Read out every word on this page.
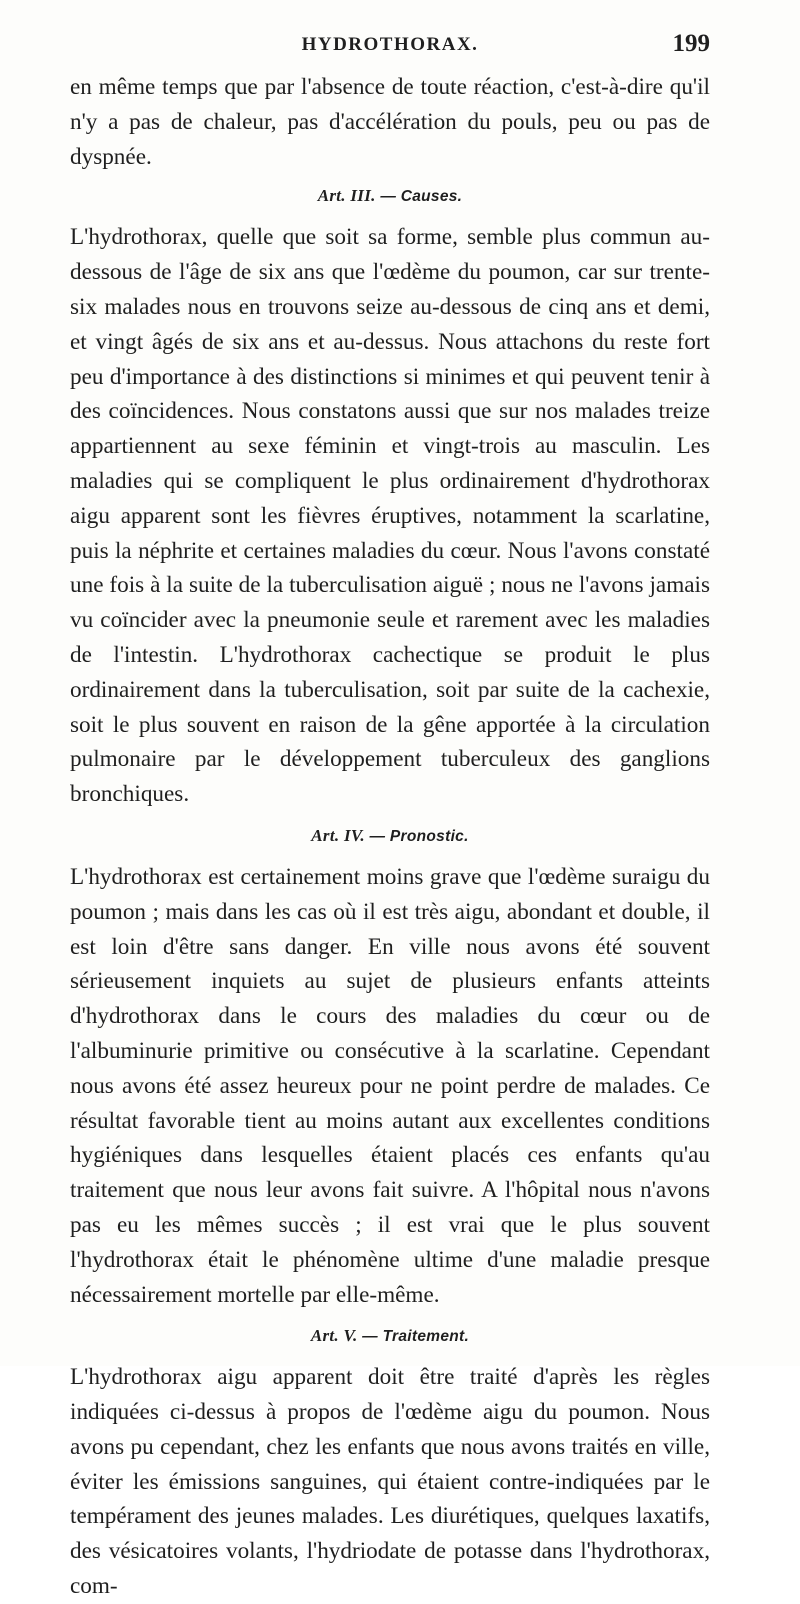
HYDROTHORAX.	199

en même temps que par l'absence de toute réaction, c'est-à-dire qu'il n'y a pas de chaleur, pas d'accélération du pouls, peu ou pas de dyspnée.

Art. III. — Causes.

L'hydrothorax, quelle que soit sa forme, semble plus commun au-dessous de l'âge de six ans que l'œdème du poumon, car sur trente-six malades nous en trouvons seize au-dessous de cinq ans et demi, et vingt âgés de six ans et au-dessus. Nous attachons du reste fort peu d'importance à des distinctions si minimes et qui peuvent tenir à des coïncidences. Nous constatons aussi que sur nos malades treize appartiennent au sexe féminin et vingt-trois au masculin. Les maladies qui se compliquent le plus ordinairement d'hydrothorax aigu apparent sont les fièvres éruptives, notamment la scarlatine, puis la néphrite et certaines maladies du cœur. Nous l'avons constaté une fois à la suite de la tuberculisation aiguë ; nous ne l'avons jamais vu coïncider avec la pneumonie seule et rarement avec les maladies de l'intestin. L'hydrothorax cachectique se produit le plus ordinairement dans la tuberculisation, soit par suite de la cachexie, soit le plus souvent en raison de la gêne apportée à la circulation pulmonaire par le développement tuberculeux des ganglions bronchiques.

Art. IV. — Pronostic.

L'hydrothorax est certainement moins grave que l'œdème suraigu du poumon ; mais dans les cas où il est très aigu, abondant et double, il est loin d'être sans danger. En ville nous avons été souvent sérieusement inquiets au sujet de plusieurs enfants atteints d'hydrothorax dans le cours des maladies du cœur ou de l'albuminurie primitive ou consécutive à la scarlatine. Cependant nous avons été assez heureux pour ne point perdre de malades. Ce résultat favorable tient au moins autant aux excellentes conditions hygiéniques dans lesquelles étaient placés ces enfants qu'au traitement que nous leur avons fait suivre. A l'hôpital nous n'avons pas eu les mêmes succès ; il est vrai que le plus souvent l'hydrothorax était le phénomène ultime d'une maladie presque nécessairement mortelle par elle-même.

Art. V. — Traitement.

L'hydrothorax aigu apparent doit être traité d'après les règles indiquées ci-dessus à propos de l'œdème aigu du poumon. Nous avons pu cependant, chez les enfants que nous avons traités en ville, éviter les émissions sanguines, qui étaient contre-indiquées par le tempérament des jeunes malades. Les diurétiques, quelques laxatifs, des vésicatoires volants, l'hydriodate de potasse dans l'hydrothorax, com-
